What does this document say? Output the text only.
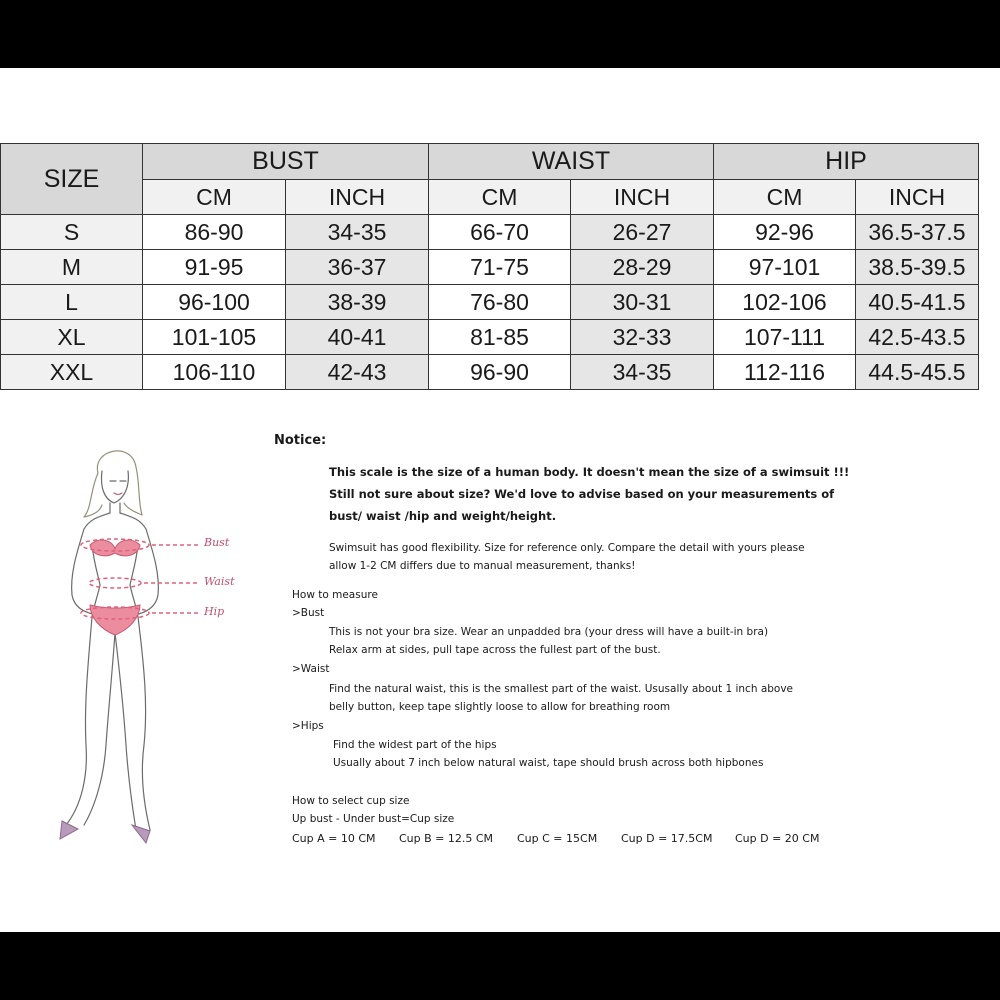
SIZE	BUST		WAIST		HIP	
	CM	INCH	CM	INCH	CM	INCH
S	86-90	34-35	66-70	26-27	92-96	36.5-37.5
M	91-95	36-37	71-75	28-29	97-101	38.5-39.5
L	96-100	38-39	76-80	30-31	102-106	40.5-41.5
XL	101-105	40-41	81-85	32-33	107-111	42.5-43.5
XXL	106-110	42-43	96-90	34-35	112-116	44.5-45.5
Bust
Waist
Hip
Notice:
This scale is the size of a human body. It doesn't mean the size of a swimsuit !!!
Still not sure about size? We'd love to advise based on your measurements of
bust/ waist /hip and weight/height.
Swimsuit has good flexibility. Size for reference only. Compare the detail with yours please
allow 1-2 CM differs due to manual measurement, thanks!
How to measure
>Bust
This is not your bra size. Wear an unpadded bra (your dress will have a built-in bra)
Relax arm at sides, pull tape across the fullest part of the bust.
>Waist
Find the natural waist, this is the smallest part of the waist. Ususally about 1 inch above
belly button, keep tape slightly loose to allow for breathing room
>Hips
Find the widest part of the hips
Usually about 7 inch below natural waist, tape should brush across both hipbones
How to select cup size
Up bust - Under bust=Cup size
Cup A = 10 CM Cup B = 12.5 CM Cup C = 15CM Cup D = 17.5CM Cup D = 20 CM
